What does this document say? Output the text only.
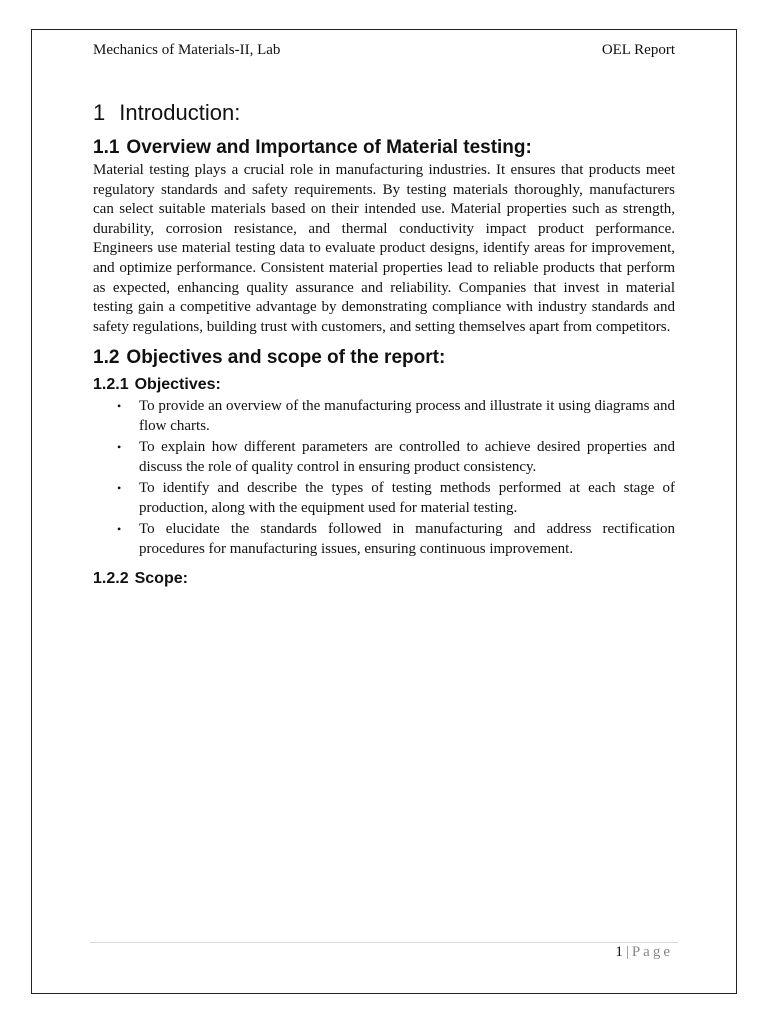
Mechanics of Materials-II, Lab	OEL Report
1 Introduction:
1.1 Overview and Importance of Material testing:

Material testing plays a crucial role in manufacturing industries. It ensures that products meet regulatory standards and safety requirements. By testing materials thoroughly, manufacturers can select suitable materials based on their intended use. Material properties such as strength, durability, corrosion resistance, and thermal conductivity impact product performance. Engineers use material testing data to evaluate product designs, identify areas for improvement, and optimize performance. Consistent material properties lead to reliable products that perform as expected, enhancing quality assurance and reliability. Companies that invest in material testing gain a competitive advantage by demonstrating compliance with industry standards and safety regulations, building trust with customers, and setting themselves apart from competitors.

1.2 Objectives and scope of the report:
1.2.1 Objectives:
• To provide an overview of the manufacturing process and illustrate it using diagrams and flow charts.
• To explain how different parameters are controlled to achieve desired properties and discuss the role of quality control in ensuring product consistency.
• To identify and describe the types of testing methods performed at each stage of production, along with the equipment used for material testing.
• To elucidate the standards followed in manufacturing and address rectification procedures for manufacturing issues, ensuring continuous improvement.
1.2.2 Scope:
1 | Page
